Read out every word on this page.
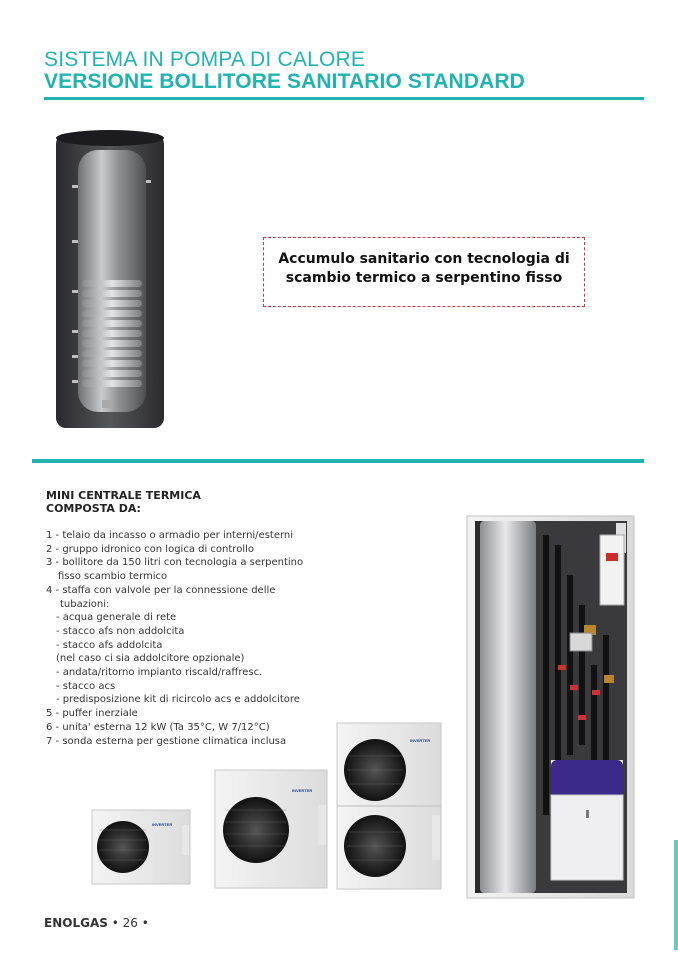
SISTEMA IN POMPA DI CALORE
VERSIONE BOLLITORE SANITARIO STANDARD
Accumulo sanitario con tecnologia di
scambio termico a serpentino fisso
MINI CENTRALE TERMICA
COMPOSTA DA:
1 - telaio da incasso o armadio per interni/esterni
2 - gruppo idronico con logica di controllo
3 - bollitore da 150 litri con tecnologia a serpentino
fisso scambio termico
4 - staffa con valvole per la connessione delle
tubazioni:
- acqua generale di rete
- stacco afs non addolcita
- stacco afs addolcita
(nel caso ci sia addolcitore opzionale)
- andata/ritorno impianto riscald/raffresc.
- stacco acs
- predisposizione kit di ricircolo acs e addolcitore
5 - puffer inerziale
6 - unita' esterna 12 kW (Ta 35°C, W 7/12°C)
7 - sonda esterna per gestione climatica inclusa
INVERTER
INVERTER
INVERTER
ENOLGAS • 26 •
